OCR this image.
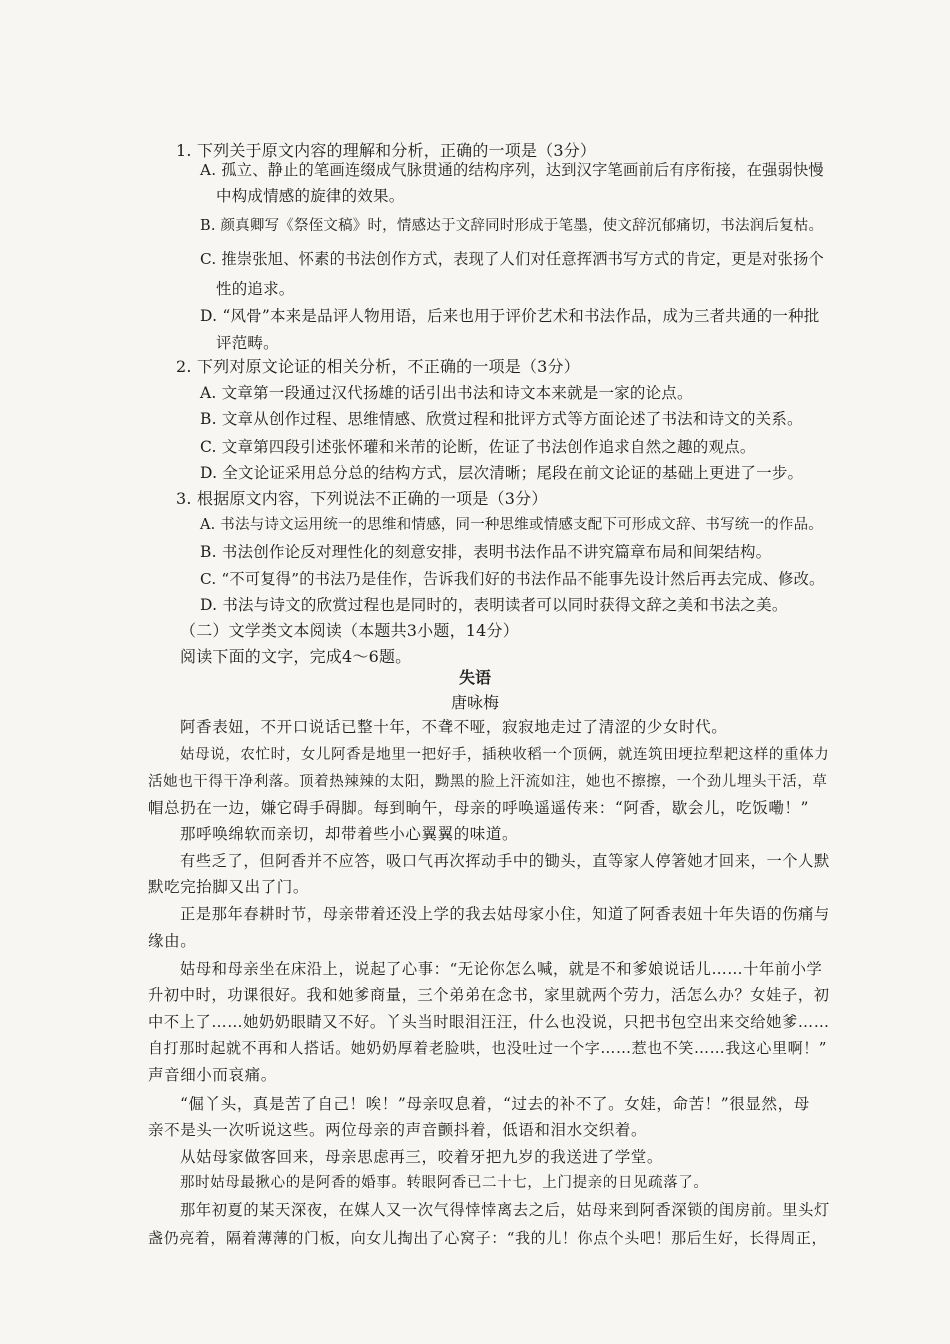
1. 下列关于原文内容的理解和分析，正确的一项是（3分）
A. 孤立、静止的笔画连缀成气脉贯通的结构序列，达到汉字笔画前后有序衔接，在强弱快慢
中构成情感的旋律的效果。
B. 颜真卿写《祭侄文稿》时，情感达于文辞同时形成于笔墨，使文辞沉郁痛切，书法润后复枯。
C. 推崇张旭、怀素的书法创作方式，表现了人们对任意挥洒书写方式的肯定，更是对张扬个
性的追求。
D. “风骨”本来是品评人物用语，后来也用于评价艺术和书法作品，成为三者共通的一种批
评范畴。
2. 下列对原文论证的相关分析，不正确的一项是（3分）
A. 文章第一段通过汉代扬雄的话引出书法和诗文本来就是一家的论点。
B. 文章从创作过程、思维情感、欣赏过程和批评方式等方面论述了书法和诗文的关系。
C. 文章第四段引述张怀瓘和米芾的论断，佐证了书法创作追求自然之趣的观点。
D. 全文论证采用总分总的结构方式，层次清晰；尾段在前文论证的基础上更进了一步。
3. 根据原文内容，下列说法不正确的一项是（3分）
A. 书法与诗文运用统一的思维和情感，同一种思维或情感支配下可形成文辞、书写统一的作品。
B. 书法创作论反对理性化的刻意安排，表明书法作品不讲究篇章布局和间架结构。
C. “不可复得”的书法乃是佳作，告诉我们好的书法作品不能事先设计然后再去完成、修改。
D. 书法与诗文的欣赏过程也是同时的，表明读者可以同时获得文辞之美和书法之美。
（二）文学类文本阅读（本题共3小题，14分）
阅读下面的文字，完成4～6题。
失语
唐咏梅
阿香表妞，不开口说话已整十年，不聋不哑，寂寂地走过了清涩的少女时代。
姑母说，农忙时，女儿阿香是地里一把好手，插秧收稻一个顶俩，就连筑田埂拉犁耙这样的重体力
活她也干得干净利落。顶着热辣辣的太阳，黝黑的脸上汗流如注，她也不擦擦，一个劲儿埋头干活，草
帽总扔在一边，嫌它碍手碍脚。每到晌午，母亲的呼唤遥遥传来：“阿香，歇会儿，吃饭嘞！”
那呼唤绵软而亲切，却带着些小心翼翼的味道。
有些乏了，但阿香并不应答，吸口气再次挥动手中的锄头，直等家人停箸她才回来，一个人默
默吃完抬脚又出了门。
正是那年春耕时节，母亲带着还没上学的我去姑母家小住，知道了阿香表妞十年失语的伤痛与
缘由。
姑母和母亲坐在床沿上，说起了心事：“无论你怎么喊，就是不和爹娘说话儿……十年前小学
升初中时，功课很好。我和她爹商量，三个弟弟在念书，家里就两个劳力，活怎么办？女娃子，初
中不上了……她奶奶眼睛又不好。丫头当时眼泪汪汪，什么也没说，只把书包空出来交给她爹……
自打那时起就不再和人搭话。她奶奶厚着老脸哄，也没吐过一个字……惹也不笑……我这心里啊！”
声音细小而哀痛。
“倔丫头，真是苦了自己！唉！”母亲叹息着，“过去的补不了。女娃，命苦！”很显然，母
亲不是头一次听说这些。两位母亲的声音颤抖着，低语和泪水交织着。
从姑母家做客回来，母亲思虑再三，咬着牙把九岁的我送进了学堂。
那时姑母最揪心的是阿香的婚事。转眼阿香已二十七，上门提亲的日见疏落了。
那年初夏的某天深夜，在媒人又一次气得悻悻离去之后，姑母来到阿香深锁的闺房前。里头灯
盏仍亮着，隔着薄薄的门板，向女儿掏出了心窝子：“我的儿！你点个头吧！那后生好，长得周正，
